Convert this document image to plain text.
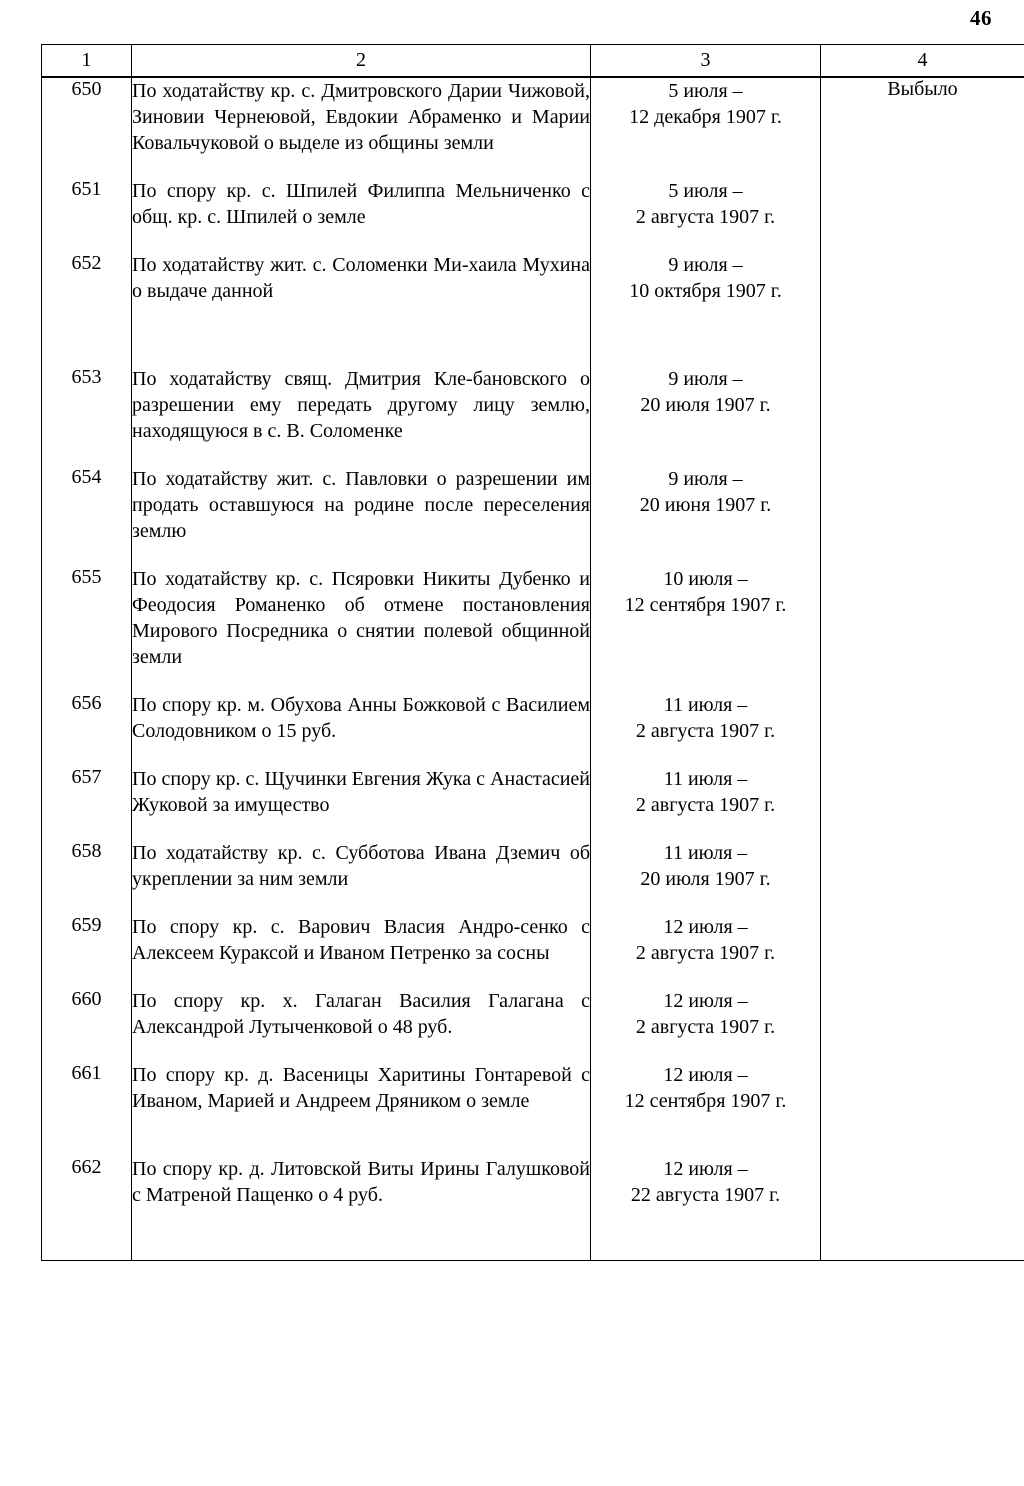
46
1	2	3	4
650	По ходатайству кр. с. Дмитровского Дарии Чижовой, Зиновии Чернеювой, Евдокии Абраменко и Марии Ковальчуковой о выделе из общины земли	5 июля –
12 декабря 1907 г.	Выбыло

651	По спору кр. с. Шпилей Филиппа Мельниченко с общ. кр. с. Шпилей о земле	5 июля –
2 августа 1907 г.	

652	По ходатайству жит. с. Соломенки Ми-хаила Мухина о выдаче данной	9 июля –
10 октября 1907 г.	

653	По ходатайству свящ. Дмитрия Кле-бановского о разрешении ему передать другому лицу землю, находящуюся в с. В. Соломенке	9 июля –
20 июля 1907 г.	

654	По ходатайству жит. с. Павловки о разрешении им продать оставшуюся на родине после переселения землю	9 июля –
20 июня 1907 г.	

655	По ходатайству кр. с. Псяровки Никиты Дубенко и Феодосия Романенко об отмене постановления Мирового Посредника о снятии полевой общинной земли	10 июля –
12 сентября 1907 г.	

656	По спору кр. м. Обухова Анны Божковой с Василием Солодовником о 15 руб.	11 июля –
2 августа 1907 г.	

657	По спору кр. с. Щучинки Евгения Жука с Анастасией Жуковой за имущество	11 июля –
2 августа 1907 г.	

658	По ходатайству кр. с. Субботова Ивана Дземич об укреплении за ним земли	11 июля –
20 июля 1907 г.	

659	По спору кр. с. Варович Власия Андро-сенко с Алексеем Кураксой и Иваном Петренко за сосны	12 июля –
2 августа 1907 г.	

660	По спору кр. х. Галаган Василия Галагана с Александрой Лутыченковой о 48 руб.	12 июля –
2 августа 1907 г.	

661	По спору кр. д. Васеницы Харитины Гонтаревой с Иваном, Марией и Андреем Дряником о земле	12 июля –
12 сентября 1907 г.	

662	По спору кр. д. Литовской Виты Ирины Галушковой с Матреной Пащенко о 4 руб.	12 июля –
22 августа 1907 г.	
